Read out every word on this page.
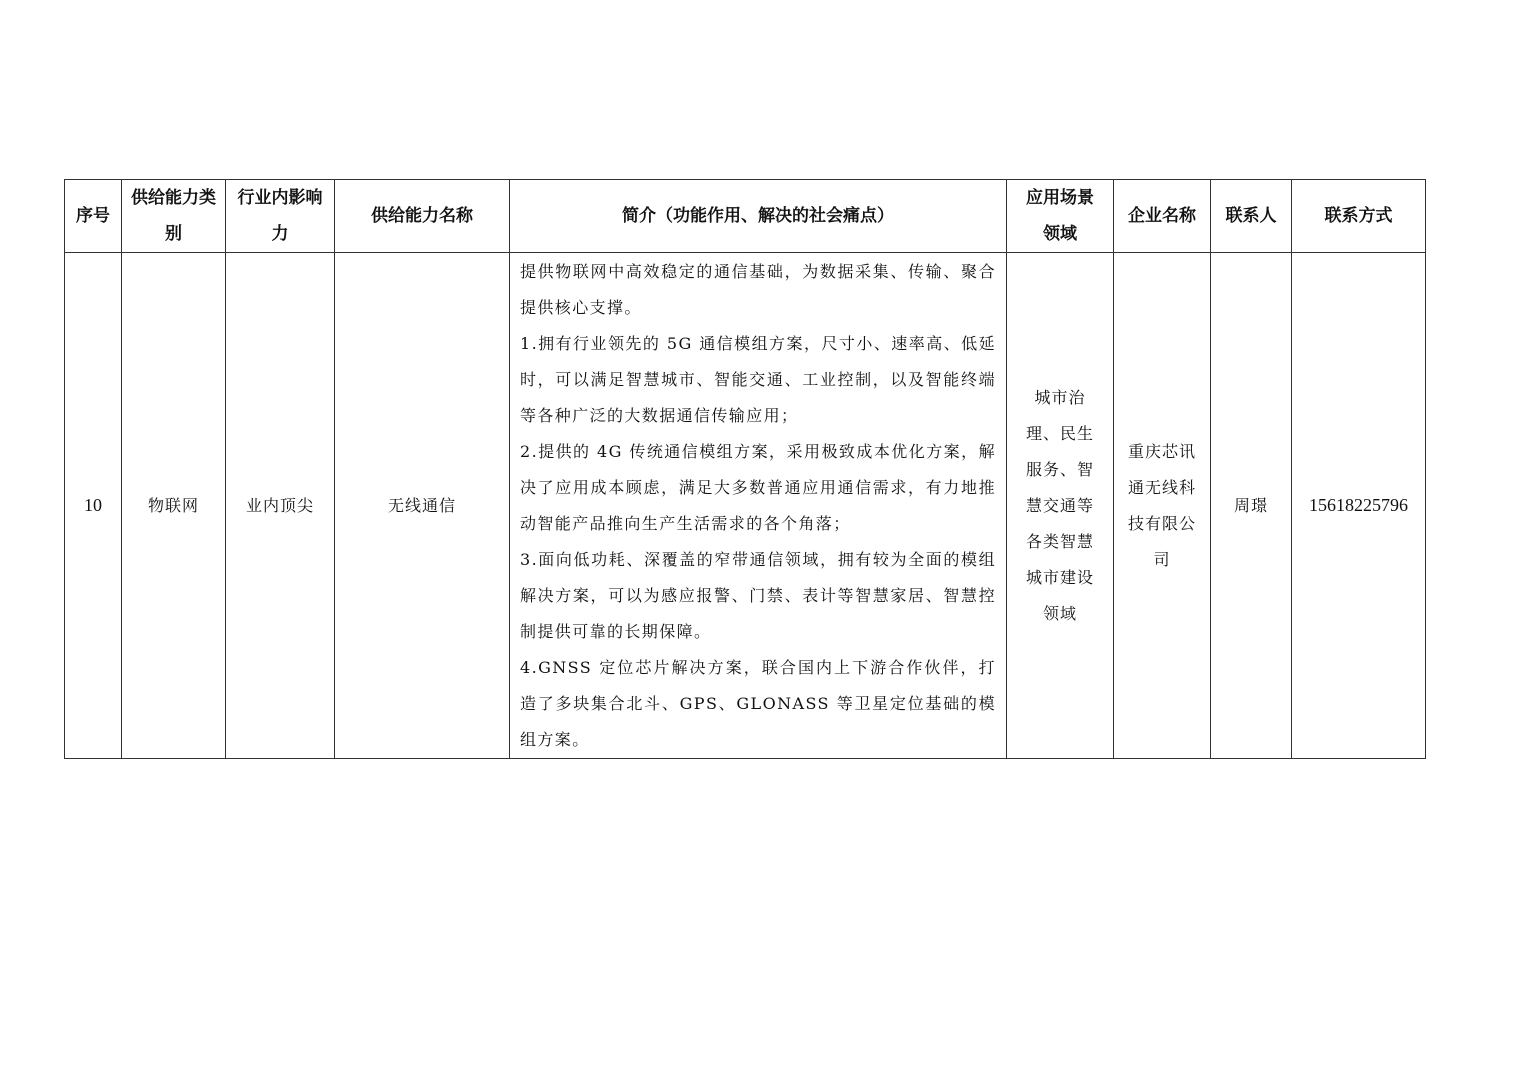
序号	供给能力类别	行业内影响力	供给能力名称	简介（功能作用、解决的社会痛点）	应用场景领域	企业名称	联系人	联系方式
10	物联网	业内顶尖	无线通信	提供物联网中高效稳定的通信基础，为数据采集、传输、聚合提供核心支撑。

1.拥有行业领先的 5G 通信模组方案，尺寸小、速率高、低延时，可以满足智慧城市、智能交通、工业控制，以及智能终端等各种广泛的大数据通信传输应用；

2.提供的 4G 传统通信模组方案，采用极致成本优化方案，解决了应用成本顾虑，满足大多数普通应用通信需求，有力地推动智能产品推向生产生活需求的各个角落；

3.面向低功耗、深覆盖的窄带通信领域，拥有较为全面的模组解决方案，可以为感应报警、门禁、表计等智慧家居、智慧控制提供可靠的长期保障。

4.GNSS 定位芯片解决方案，联合国内上下游合作伙伴，打造了多块集合北斗、GPS、GLONASS 等卫星定位基础的模组方案。	城市治理、民生服务、智慧交通等各类智慧城市建设领域	重庆芯讯通无线科技有限公司	周璟	15618225796
